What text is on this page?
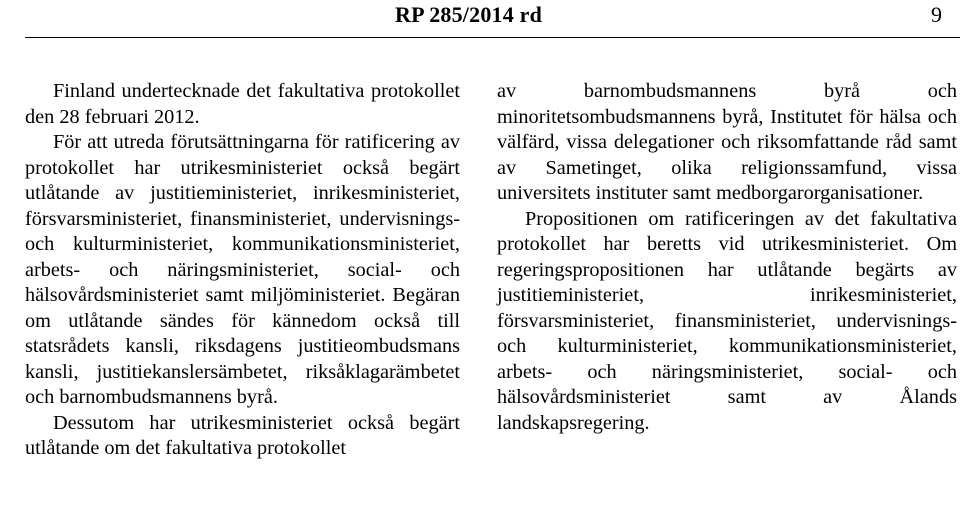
RP 285/2014 rd	9

Finland undertecknade det fakultativa protokollet den 28 februari 2012.

För att utreda förutsättningarna för ratificering av protokollet har utrikesministeriet också begärt utlåtande av justitieministeriet, inrikesministeriet, försvarsministeriet, finansministeriet, undervisnings- och kulturministeriet, kommunikationsministeriet, arbets- och näringsministeriet, social- och hälsovårdsministeriet samt miljöministeriet. Begäran om utlåtande sändes för kännedom också till statsrådets kansli, riksdagens justitieombudsmans kansli, justitiekanslersämbetet, riksåklagarämbetet och barnombudsmannens byrå.

Dessutom har utrikesministeriet också begärt utlåtande om det fakultativa protokollet

av barnombudsmannens byrå och minoritetsombudsmannens byrå, Institutet för hälsa och välfärd, vissa delegationer och riksomfattande råd samt av Sametinget, olika religionssamfund, vissa universitets instituter samt medborgarorganisationer.

Propositionen om ratificeringen av det fakultativa protokollet har beretts vid utrikesministeriet. Om regeringspropositionen har utlåtande begärts av justitieministeriet, inrikesministeriet, försvarsministeriet, finansministeriet, undervisnings- och kulturministeriet, kommunikationsministeriet, arbets- och näringsministeriet, social- och hälsovårdsministeriet samt av Ålands landskapsregering.
